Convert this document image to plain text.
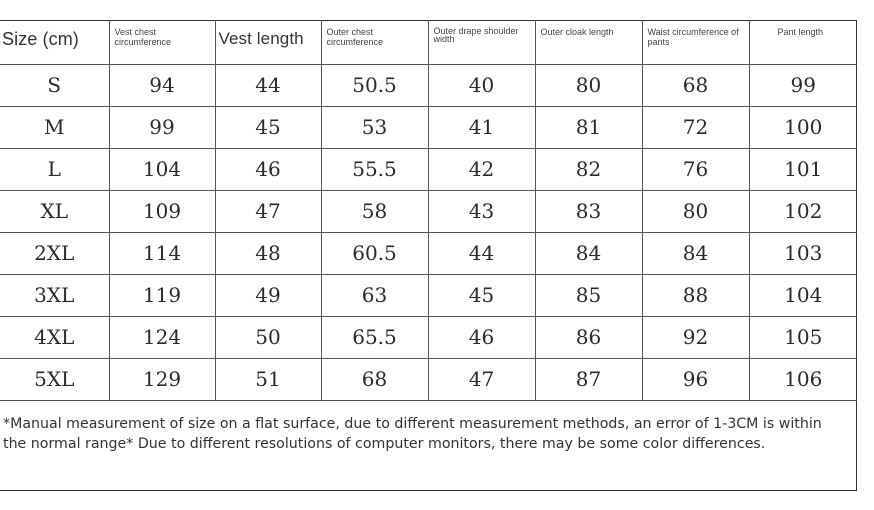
Size (cm)	Vest chest circumference	Vest length	Outer chest circumference	Outer drape shoulder width	Outer cloak length	Waist circumference of pants	Pant length
S	94	44	50.5	40	80	68	99
M	99	45	53	41	81	72	100
L	104	46	55.5	42	82	76	101
XL	109	47	58	43	83	80	102
2XL	114	48	60.5	44	84	84	103
3XL	119	49	63	45	85	88	104
4XL	124	50	65.5	46	86	92	105
5XL	129	51	68	47	87	96	106
*Manual measurement of size on a flat surface, due to different measurement methods, an error of 1-3CM is within the normal range* Due to different resolutions of computer monitors, there may be some color differences.
